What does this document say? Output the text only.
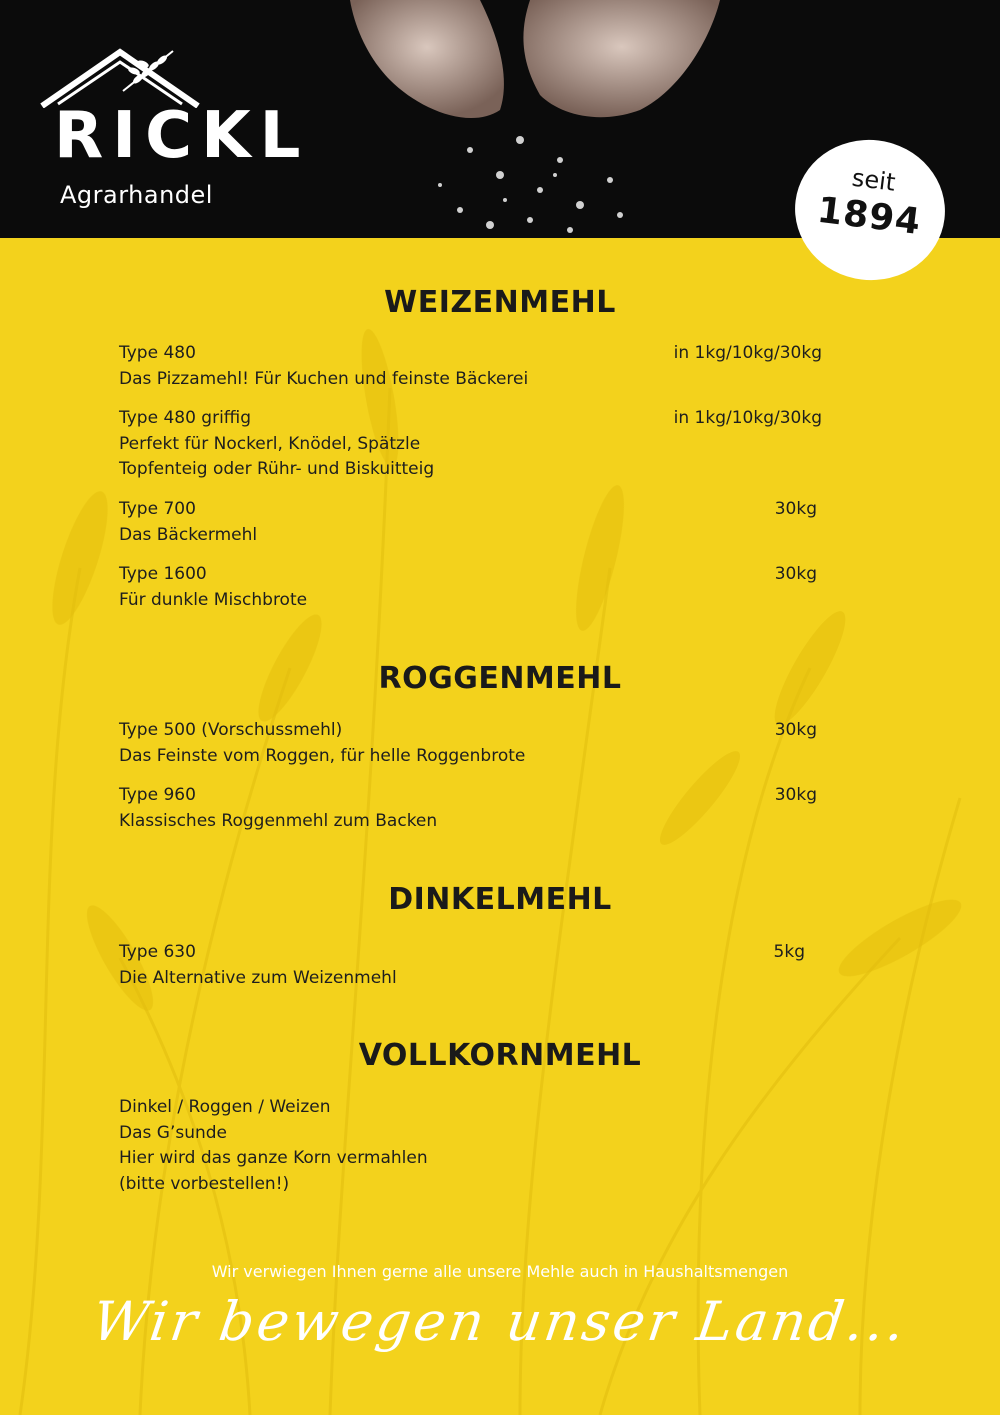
RICKL
Agrarhandel	seit
1894
WEIZENMEHL
Type 480
Das Pizzamehl! Für Kuchen und feinste Bäckerei
in 1kg/10kg/30kg
Type 480 griffig
Perfekt für Nockerl, Knödel, Spätzle
Topfenteig oder Rühr- und Biskuitteig
in 1kg/10kg/30kg
Type 700
Das Bäckermehl
30kg
Type 1600
Für dunkle Mischbrote
30kg
ROGGENMEHL
Type 500 (Vorschussmehl)
Das Feinste vom Roggen, für helle Roggenbrote
30kg
Type 960
Klassisches Roggenmehl zum Backen
30kg
DINKELMEHL
Type 630
Die Alternative zum Weizenmehl
5kg
VOLLKORNMEHL
Dinkel / Roggen / Weizen
Das G’sunde
Hier wird das ganze Korn vermahlen
(bitte vorbestellen!)
Wir verwiegen Ihnen gerne alle unsere Mehle auch in Haushaltsmengen
Wir bewegen unser Land...
